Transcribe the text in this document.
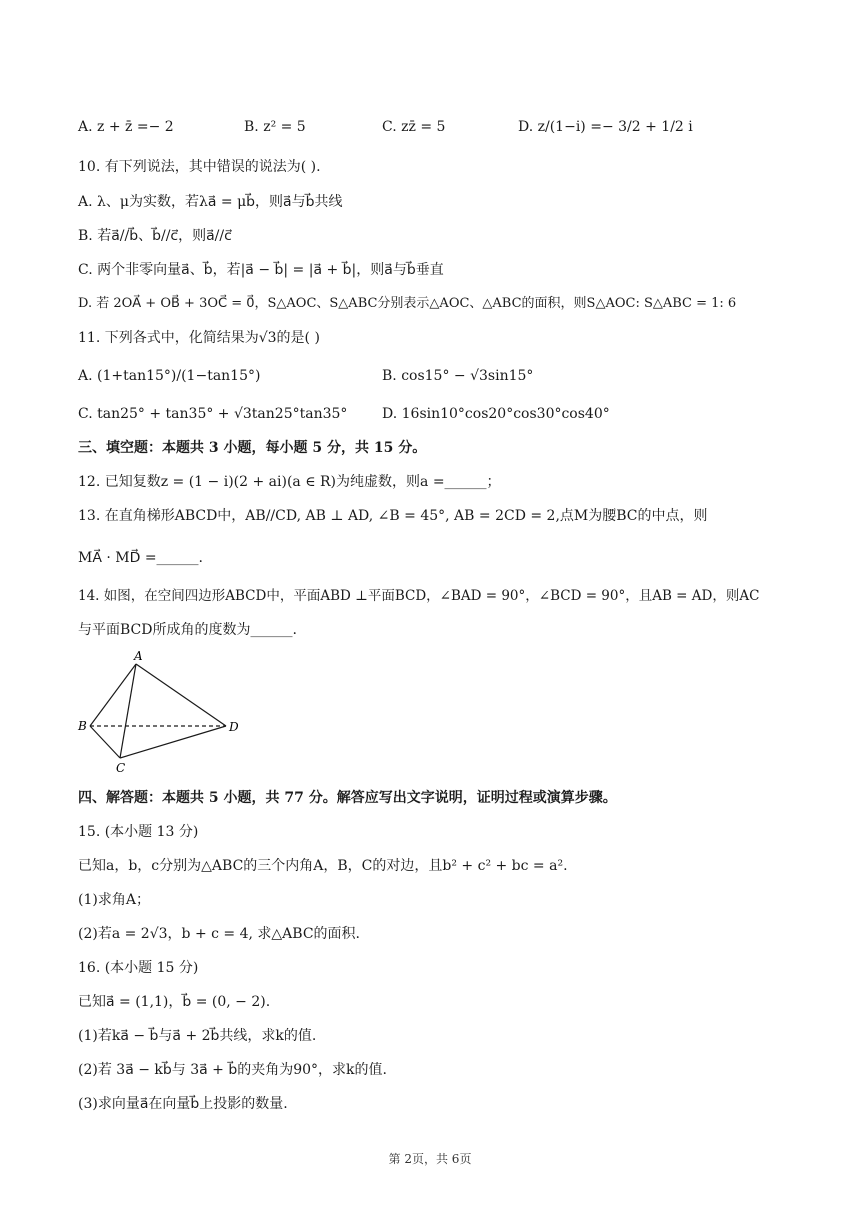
A. z + z̄ =− 2	B. z² = 5	C. zz̄ = 5	D. z/(1−i) =− 3/2 + 1/2 i
10. 有下列说法，其中错误的说法为( ).
A. λ、μ为实数，若λa⃗ = μb⃗，则a⃗与b⃗共线
B. 若a⃗//b⃗、b⃗//c⃗，则a⃗//c⃗
C. 两个非零向量a⃗、b⃗，若|a⃗ − b⃗| = |a⃗ + b⃗|，则a⃗与b⃗垂直
D. 若 2OA⃗ + OB⃗ + 3OC⃗ = 0⃗，S△AOC、S△ABC分别表示△AOC、△ABC的面积，则S△AOC: S△ABC = 1: 6
11. 下列各式中，化简结果为√3的是( )
A. (1+tan15°)/(1−tan15°)	B. cos15° − √3sin15°
C. tan25° + tan35° + √3tan25°tan35° D. 16sin10°cos20°cos30°cos40°
三、填空题：本题共 3 小题，每小题 5 分，共 15 分。
12. 已知复数z = (1 − i)(2 + ai)(a ∈ R)为纯虚数，则a =______；
13. 在直角梯形ABCD中，AB//CD, AB ⊥ AD, ∠B = 45°, AB = 2CD = 2,点M为腰BC的中点，则
MA⃗ · MD⃗ =______.
14. 如图，在空间四边形ABCD中，平面ABD ⊥平面BCD，∠BAD = 90°，∠BCD = 90°，且AB = AD，则AC
与平面BCD所成角的度数为______.
A
B
C
D
四、解答题：本题共 5 小题，共 77 分。解答应写出文字说明，证明过程或演算步骤。
15. (本小题 13 分)
已知a，b，c分别为△ABC的三个内角A，B，C的对边，且b² + c² + bc = a².
(1)求角A；
(2)若a = 2√3，b + c = 4, 求△ABC的面积.
16. (本小题 15 分)
已知a⃗ = (1,1)，b⃗ = (0, − 2).
(1)若ka⃗ − b⃗与a⃗ + 2b⃗共线，求k的值.
(2)若 3a⃗ − kb⃗与 3a⃗ + b⃗的夹角为90°，求k的值.
(3)求向量a⃗在向量b⃗上投影的数量.
第 2页，共 6页
